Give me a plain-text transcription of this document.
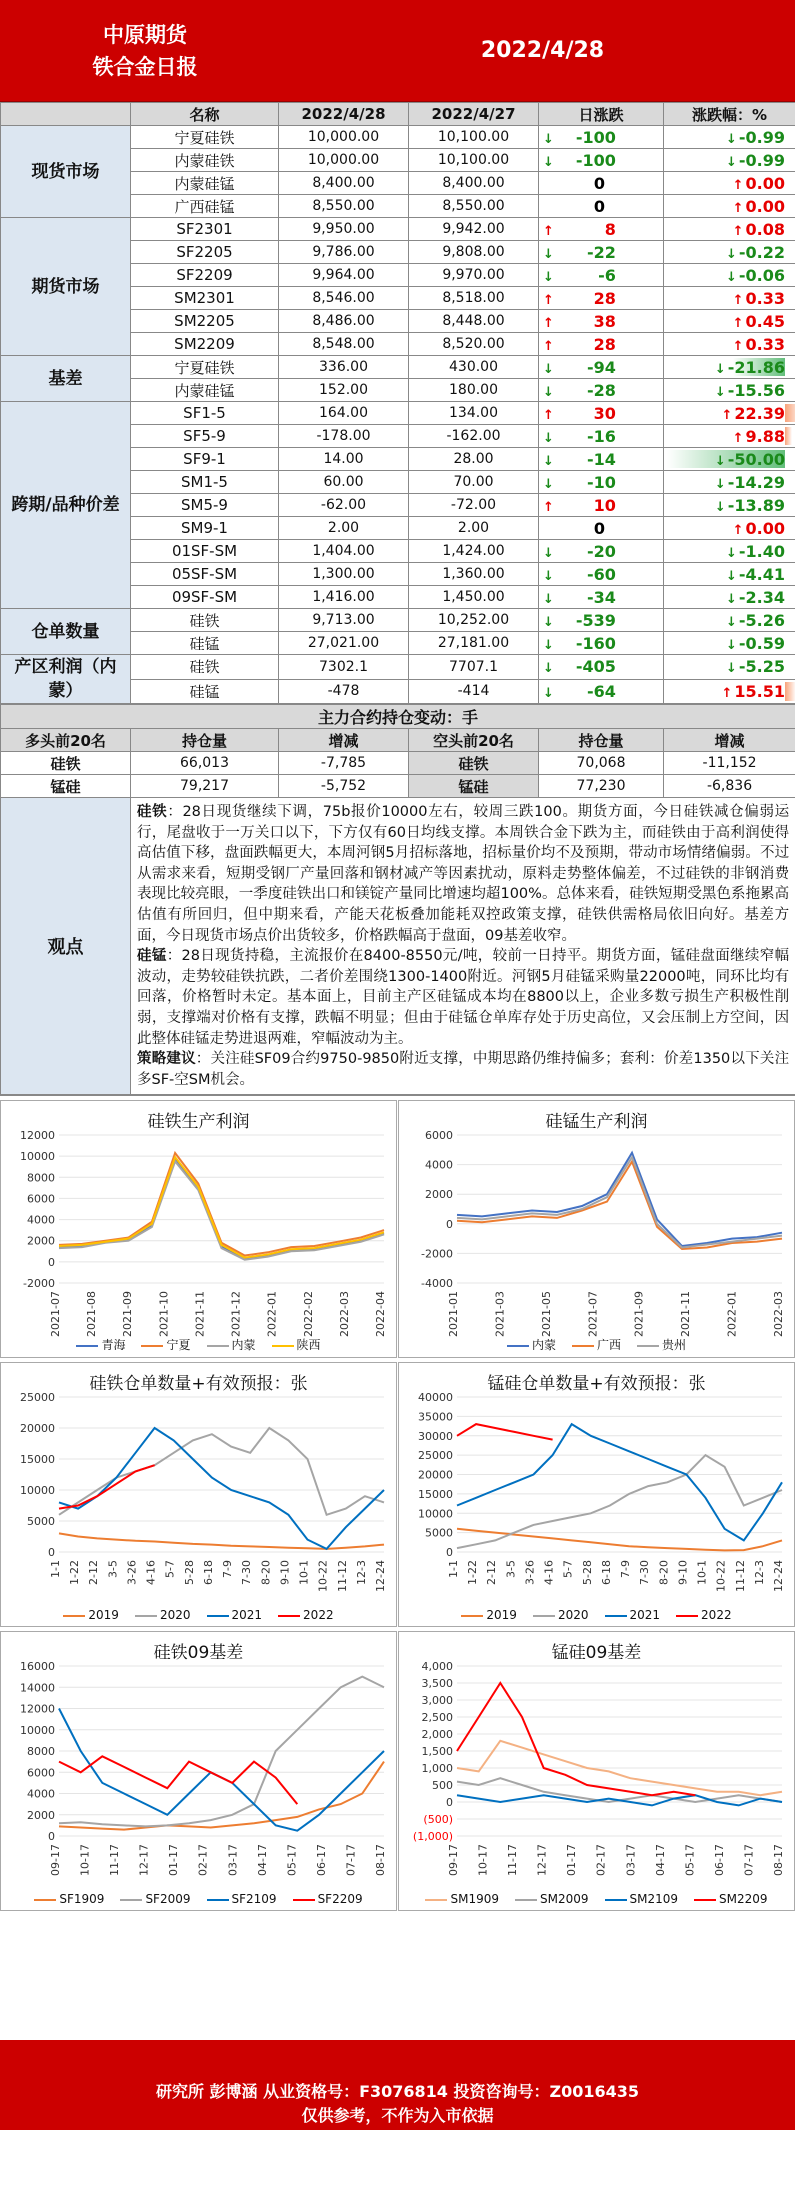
中原期货
铁合金日报
2022/4/28
	名称	2022/4/28	2022/4/27	日涨跌	涨跌幅：%
现货市场	宁夏硅铁	10,000.00	10,100.00	↓ -100	↓ -0.99
	内蒙硅铁	10,000.00	10,100.00	↓ -100	↓ -0.99
	内蒙硅锰	8,400.00	8,400.00	0	↑ 0.00
	广西硅锰	8,550.00	8,550.00	0	↑ 0.00
期货市场	SF2301	9,950.00	9,942.00	↑ 8	↑ 0.08
	SF2205	9,786.00	9,808.00	↓ -22	↓ -0.22
	SF2209	9,964.00	9,970.00	↓ -6	↓ -0.06
	SM2301	8,546.00	8,518.00	↑ 28	↑ 0.33
	SM2205	8,486.00	8,448.00	↑ 38	↑ 0.45
	SM2209	8,548.00	8,520.00	↑ 28	↑ 0.33
基差	宁夏硅铁	336.00	430.00	↓ -94	↓ -21.86
	内蒙硅锰	152.00	180.00	↓ -28	↓ -15.56
跨期/品种价差	SF1-5	164.00	134.00	↑ 30	↑ 22.39
	SF5-9	-178.00	-162.00	↓ -16	↑ 9.88
	SF9-1	14.00	28.00	↓ -14	↓ -50.00
	SM1-5	60.00	70.00	↓ -10	↓ -14.29
	SM5-9	-62.00	-72.00	↑ 10	↓ -13.89
	SM9-1	2.00	2.00	0	↑ 0.00
	01SF-SM	1,404.00	1,424.00	↓ -20	↓ -1.40
	05SF-SM	1,300.00	1,360.00	↓ -60	↓ -4.41
	09SF-SM	1,416.00	1,450.00	↓ -34	↓ -2.34
仓单数量	硅铁	9,713.00	10,252.00	↓ -539	↓ -5.26
	硅锰	27,021.00	27,181.00	↓ -160	↓ -0.59
产区利润（内蒙）	硅铁	7302.1	7707.1	↓ -405	↓ -5.25
	硅锰	-478	-414	↓ -64	↑ 15.51
主力合约持仓变动：手					
多头前20名	持仓量	增减	空头前20名	持仓量	增减
硅铁	66,013	-7,785	硅铁	70,068	-11,152
锰硅	79,217	-5,752	锰硅	77,230	-6,836
观点	硅铁：28日现货继续下调，75b报价10000左右，较周三跌100。期货方面，今日硅铁减仓偏弱运行，尾盘收于一万关口以下，下方仅有60日均线支撑。本周铁合金下跌为主，而硅铁由于高利润使得高估值下移，盘面跌幅更大，本周河钢5月招标落地，招标量价均不及预期，带动市场情绪偏弱。不过从需求来看，短期受钢厂产量回落和钢材减产等因素扰动，原料走势整体偏差，不过硅铁的非钢消费表现比较亮眼，一季度硅铁出口和镁锭产量同比增速均超100%。总体来看，硅铁短期受黑色系拖累高估值有所回归，但中期来看，产能天花板叠加能耗双控政策支撑，硅铁供需格局依旧向好。基差方面，今日现货市场点价出货较多，价格跌幅高于盘面，09基差收窄。

硅锰：28日现货持稳，主流报价在8400-8550元/吨，较前一日持平。期货方面，锰硅盘面继续窄幅波动，走势较硅铁抗跌，二者价差围绕1300-1400附近。河钢5月硅锰采购量22000吨，同环比均有回落，价格暂时未定。基本面上，目前主产区硅锰成本均在8800以上，企业多数亏损生产积极性削弱，支撑端对价格有支撑，跌幅不明显；但由于硅锰仓单库存处于历史高位，又会压制上方空间，因此整体硅锰走势进退两难，窄幅波动为主。

策略建议：关注硅SF09合约9750-9850附近支撑，中期思路仍维持偏多；套利：价差1350以下关注多SF-空SM机会。				

硅铁生产利润
12000
10000
8000
6000
4000
2000
0
-2000
2021-07 2021-08 2021-09 2021-10 2021-11 2021-12 2022-01 2022-02 2022-03 2022-04
青海	宁夏	内蒙	陕西
硅锰生产利润
6000
4000
2000
0
-2000
-4000
2021-01	2021-03	2021-05	2021-07	2021-09	2021-11	2022-01	2022-03
内蒙	广西	贵州
硅铁仓单数量+有效预报：张
25000
20000
15000
10000
5000
0
1-1 1-22 2-12 3-5 3-26 4-16 5-7 5-28 6-18 7-9 7-30 8-20 9-10 10-1 10-22 11-12 12-3 12-24
2019	2020	2021	2022
锰硅仓单数量+有效预报：张
40000
35000
30000
25000
20000
15000
10000
5000
0
1-1 1-22 2-12 3-5 3-26 4-16 5-7 5-28 6-18 7-9 7-30 8-20 9-10 10-1 10-22 11-12 12-3 12-24
2019	2020	2021	2022
硅铁09基差
16000
14000
12000
10000
8000
6000
4000
2000
0
09-17 10-17 11-17 12-17 01-17 02-17 03-17 04-17 05-17 06-17 07-17 08-17
SF1909	SF2009	SF2109	SF2209
锰硅09基差
4,000
3,500
3,000
2,500
2,000
1,500
1,000
500
0
(500)
(1,000)
09-17 10-17 11-17 12-17 01-17 02-17 03-17 04-17 05-17 06-17 07-17 08-17
SM1909	SM2009	SM2109	SM2209
研究所 彭博涵 从业资格号：F3076814 投资咨询号：Z0016435
仅供参考，不作为入市依据
